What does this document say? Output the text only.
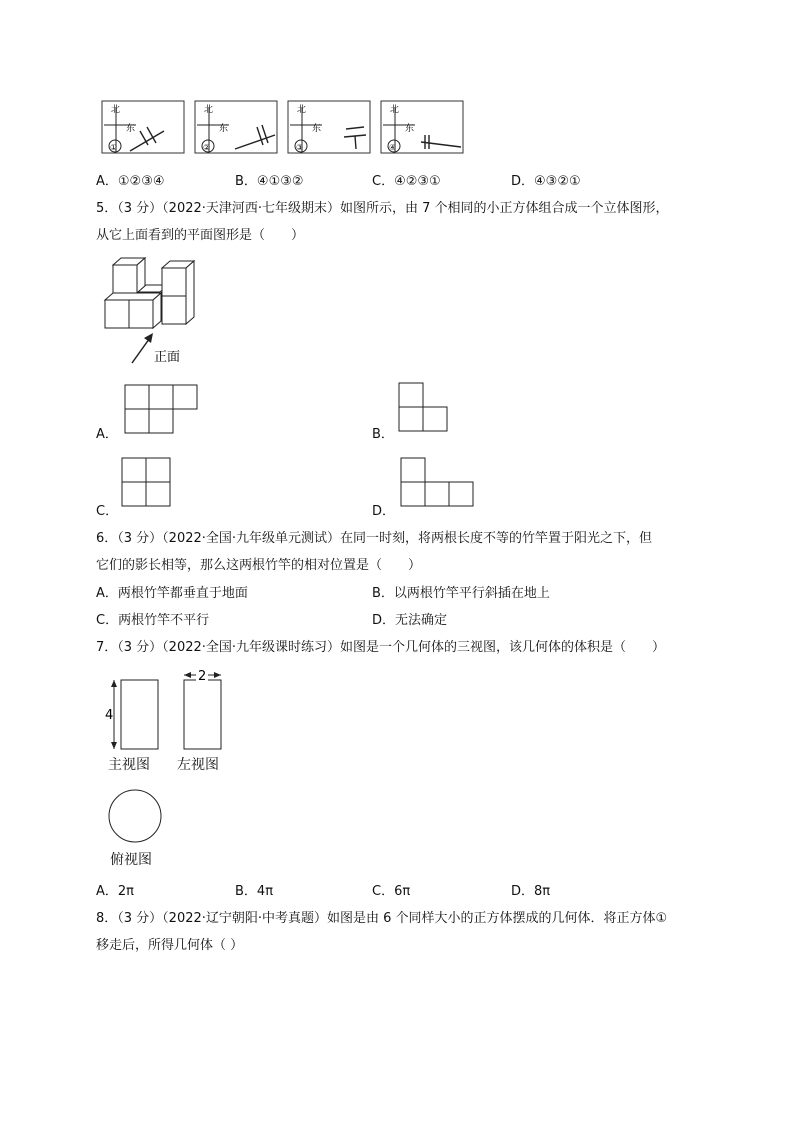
北
东
①
北
东
②
北
东
③
北
东
④
A．①②③④	B．④①③②	C．④②③①	D．④③②①
5．（3 分）（2022·天津河西·七年级期末）如图所示，由 7 个相同的小正方体组合成一个立体图形，
从它上面看到的平面图形是（　　）
正面
A．	B．
C．	D．
6．（3 分）（2022·全国·九年级单元测试）在同一时刻，将两根长度不等的竹竿置于阳光之下，但
它们的影长相等，那么这两根竹竿的相对位置是（　　）
A．两根竹竿都垂直于地面	B．以两根竹竿平行斜插在地上
C．两根竹竿不平行	D．无法确定
7．（3 分）（2022·全国·九年级课时练习）如图是一个几何体的三视图，该几何体的体积是（　　）
4
2
主视图 左视图
俯视图
A．2π	B．4π	C．6π	D．8π
8．（3 分）（2022·辽宁朝阳·中考真题）如图是由 6 个同样大小的正方体摆成的几何体．将正方体①
移走后，所得几何体（ ）
